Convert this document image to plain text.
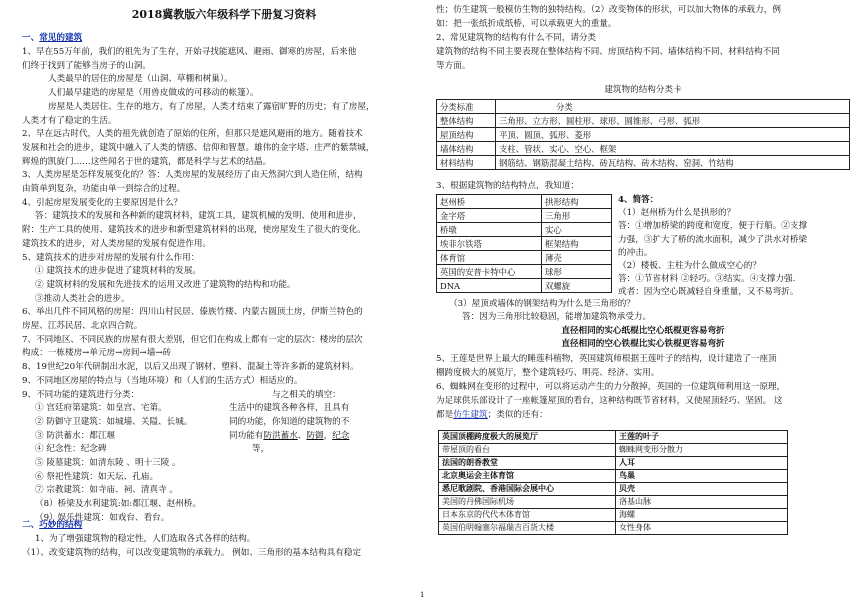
2018冀教版六年级科学下册复习资料
一、常见的建筑
1、早在55万年前，我们的祖先为了生存，开始寻找能遮风、避雨、御寒的房屋，后来他
们终于找到了能够当房子的山洞。
人类最早的居住的房屋是（山洞、草棚和树巢）。
人们最早建造的房屋是（用兽皮做成的可移动的帐篷）。
房屋是人类居住、生存的地方，有了房屋，人类才结束了露宿旷野的历史；有了房屋，
人类才有了稳定的生活。
2、早在远古时代，人类的祖先就创造了原始的住所，但那只是遮风避雨的地方。随着技术
发展和社会的进步，建筑中融入了人类的情感、信仰和智慧。雄伟的金字塔、庄严的紫禁城，
辉煌的凯旋门……这些闻名于世的建筑，都是科学与艺术的结晶。
3、人类房屋是怎样发展变化的？答：人类房屋的发展经历了由天然洞穴到人造住所，结构
由简单到复杂，功能由单一到综合的过程。
4、引起房屋发展变化的主要原因是什么？
答：建筑技术的发展和各种新的建筑材料，建筑工具，建筑机械的发明、使用和进步，
附：生产工具的使用、建筑技术的进步和新型建筑材料的出现，使房屋发生了很大的变化。
建筑技术的进步，对人类房屋的发展有促进作用。
5、建筑技术的进步对房屋的发展有什么作用：
① 建筑技术的进步促进了建筑材料的发展。
② 建筑材料的发展和先进技术的运用又改进了建筑物的结构和功能。
③推动人类社会的进步。
6、举出几件不同风格的房屋：四川山村民居、傣族竹楼、内蒙古圆顶土房，伊斯兰特色的
房屋、江苏民居、北京四合院。
7、不同地区、不同民族的房屋有很大差别，但它们在构成上都有一定的层次：楼房的层次
构成：一栋楼房→单元房→房间→墙→砖
8、19世纪20年代研制出水泥，以后又出现了钢材、塑料、混凝土等许多新的建筑材料。
9、不同地区房屋的特点与（当地环境）和（人们的生活方式）相适应的。
9、不同功能的建筑进行分类：
① 宫廷府第建筑：如皇宫、宅第。
② 防御守卫建筑：如城墙、关隘、长城。
③ 防洪蓄水：都江堰
④ 纪念性：纪念碑
⑤ 陵墓建筑：如清东陵 、明十三陵 。
⑥ 祭祀性建筑：如天坛、孔庙。
⑦ 宗教建筑：如寺庙、祠、清真寺 。
（8）桥梁及水利建筑:如:都江堰、赵州桥。
（9）娱乐性建筑：如戏台、看台。
与之相关的填空：
生活中的建筑各种各样，且具有
同的功能，你知道的建筑物的不
同功能有防洪蓄水、防御，纪念
等，
二、巧妙的结构
1、为了增强建筑物的稳定性，人们选取各式各样的结构。
（1）、改变建筑物的结构，可以改变建筑物的承载力。 例如、三角形的基本结构具有稳定
性；仿生建筑一般模仿生物的独特结构。（2）改变物体的形状，可以加大物体的承载力，例
如：把一张纸折成纸桥，可以承载更大的重量。
2、常见建筑物的结构有什么不同，请分类
建筑物的结构不同主要表现在整体结构不同、房顶结构不同、墙体结构不同、材料结构不同
等方面。
建筑物的结构分类卡
分类标准	分类
整体结构	三角形、立方形、圆柱形、球形、圆锥形、弓形、弧形
屋顶结构	平顶、圆顶、弧形、菱形
墙体结构	支柱、管状、实心、空心、框架
材料结构	钢筋结、钢筋混凝土结构、砖瓦结构、砖木结构、窑洞、竹结构
3、根据建筑物的结构特点，我知道：
赵州桥	拱形结构
金字塔	三角形
桥墩	实心
埃菲尔铁塔	框架结构
体育馆	薄壳
英国的安普卡特中心	球形
DNA	双螺旋
4、简答：
（1）赵州桥为什么是拱形的？
答：①增加桥梁的跨度和宽度，便于行船。②支撑
力强，③扩大了桥的流水面积，减少了洪水对桥梁
的冲击。
（2）楼板、主柱为什么做成空心的？
答：①节省材料 ②轻巧。③结实。④支撑力强.
或者：因为空心既减轻自身重量，又不易弯折。
（3）屋顶或墙体的钢架结构为什么是三角形的？
答：因为三角形比较稳固，能增加建筑物承受力。
直径相同的实心纸棍比空心纸棍更容易弯折
直径相同的空心铁棍比实心铁棍更容易弯折
5、王莲是世界上最大的睡莲科植物，英国建筑师根据王莲叶子的结构，设计建造了一座顶
棚跨度极大的展览厅，整个建筑轻巧、明亮、经济、实用。
6、蜘蛛网在变形的过程中，可以将运动产生的力分散掉，英国的一位建筑师利用这一原理，
为足球供乐部设计了一座帐篷屋顶的看台，这种结构既节省材料，又使屋顶轻巧、坚固。 这
都是仿生建筑；类似的还有：
英国顶棚跨度极大的展览厅	王莲的叶子
带屋顶的看台	蜘蛛网变形分散力
法国的朗香教堂	人耳
北京奥运会主体育馆	鸟巢
悉尼歌剧院、香港国际会展中心	贝壳
美国的丹佛国际机场	洛基山脉
日本东京的代代木体育馆	海螺
英国伯明翰塞尔福瑞吉百货大楼	女性身体
1
